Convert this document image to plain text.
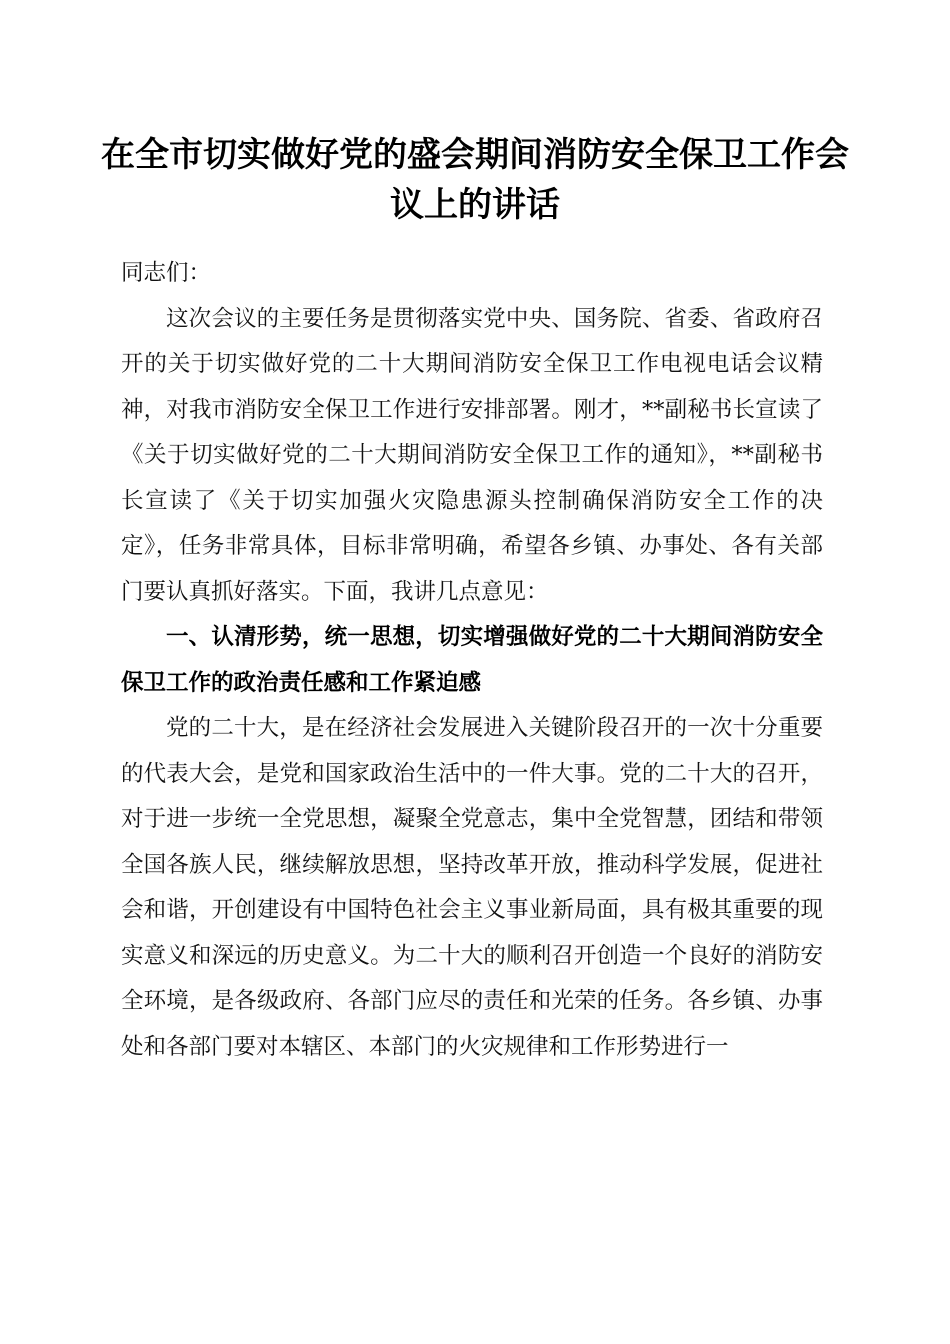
在全市切实做好党的盛会期间消防安全保卫工作会议上的讲话

同志们：

这次会议的主要任务是贯彻落实党中央、国务院、省委、省政府召开的关于切实做好党的二十大期间消防安全保卫工作电视电话会议精神，对我市消防安全保卫工作进行安排部署。刚才，**副秘书长宣读了《关于切实做好党的二十大期间消防安全保卫工作的通知》，**副秘书长宣读了《关于切实加强火灾隐患源头控制确保消防安全工作的决定》，任务非常具体，目标非常明确，希望各乡镇、办事处、各有关部门要认真抓好落实。下面，我讲几点意见：

一、认清形势，统一思想，切实增强做好党的二十大期间消防安全保卫工作的政治责任感和工作紧迫感

党的二十大，是在经济社会发展进入关键阶段召开的一次十分重要的代表大会，是党和国家政治生活中的一件大事。党的二十大的召开，对于进一步统一全党思想，凝聚全党意志，集中全党智慧，团结和带领全国各族人民，继续解放思想，坚持改革开放，推动科学发展，促进社会和谐，开创建设有中国特色社会主义事业新局面，具有极其重要的现实意义和深远的历史意义。为二十大的顺利召开创造一个良好的消防安全环境，是各级政府、各部门应尽的责任和光荣的任务。各乡镇、办事处和各部门要对本辖区、本部门的火灾规律和工作形势进行一
